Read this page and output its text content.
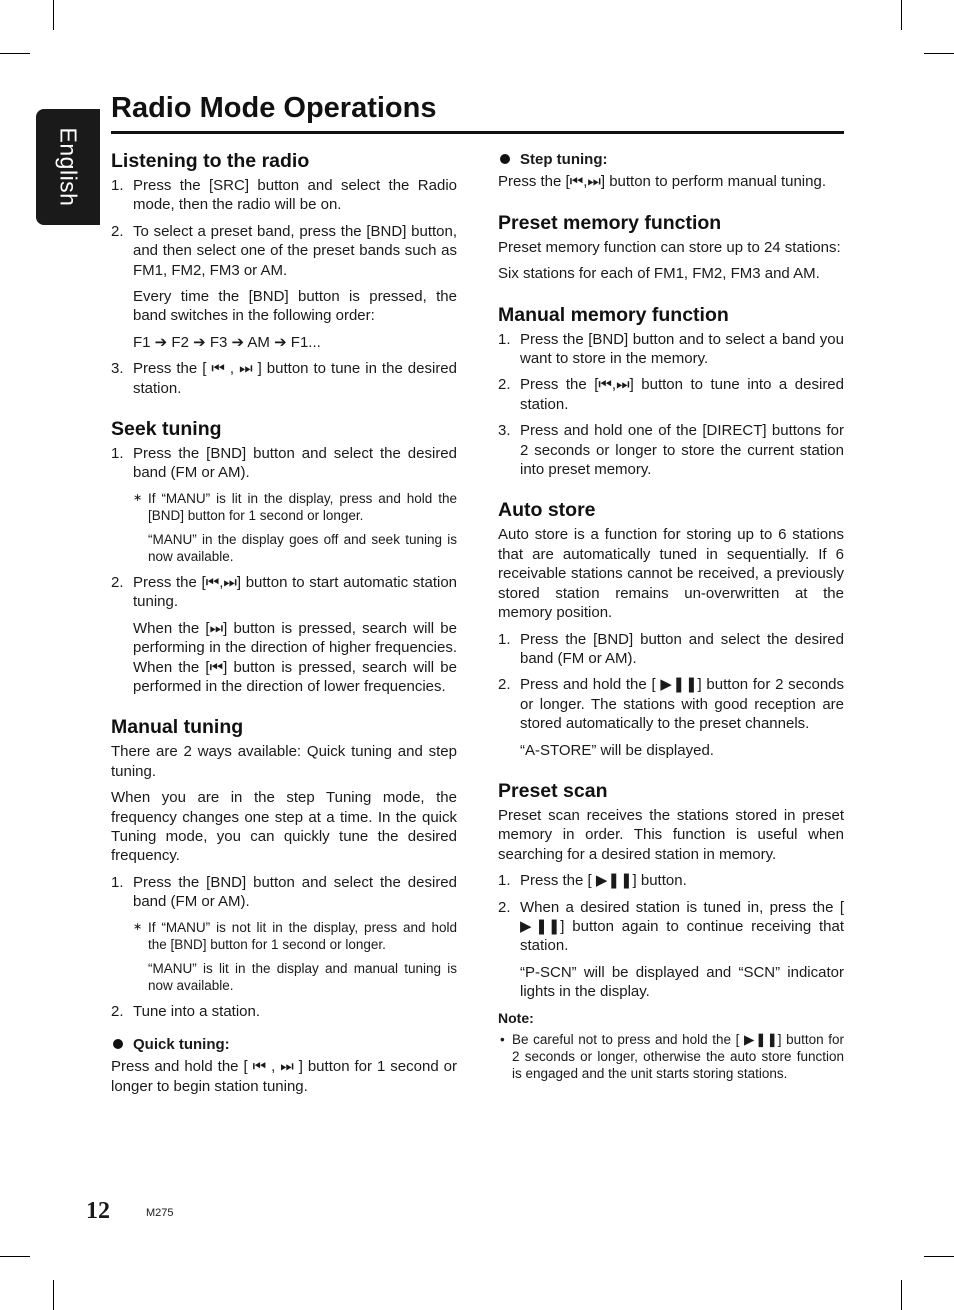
English
Radio Mode Operations
Listening to the radio
1. Press the [SRC] button and select the Radio mode, then the radio will be on.

2. To select a preset band, press the [BND] button, and then select one of the preset bands such as FM1, FM2, FM3 or AM.

Every time the [BND] button is pressed, the band switches in the following order:

F1 ➔ F2 ➔ F3 ➔ AM ➔ F1...

3. Press the [ ⏮ , ⏭ ] button to tune in the desired station.

Seek tuning
1. Press the [BND] button and select the desired band (FM or AM).

∗ If “MANU” is lit in the display, press and hold the [BND] button for 1 second or longer.

“MANU” in the display goes off and seek tuning is now available.

2. Press the [⏮,⏭] button to start automatic station tuning.

When the [⏭] button is pressed, search will be performing in the direction of higher frequencies. When the [⏮] button is pressed, search will be performed in the direction of lower frequencies.

Manual tuning

There are 2 ways available: Quick tuning and step tuning.

When you are in the step Tuning mode, the frequency changes one step at a time. In the quick Tuning mode, you can quickly tune the desired frequency.

1. Press the [BND] button and select the desired band (FM or AM).

∗ If “MANU” is not lit in the display, press and hold the [BND] button for 1 second or longer.

“MANU” is lit in the display and manual tuning is now available.

2. Tune into a station.

Quick tuning:

Press and hold the [ ⏮ , ⏭ ] button for 1 second or longer to begin station tuning.

Step tuning:

Press the [⏮,⏭] button to perform manual tuning.

Preset memory function

Preset memory function can store up to 24 stations:

Six stations for each of FM1, FM2, FM3 and AM.

Manual memory function
1. Press the [BND] button and to select a band you want to store in the memory.

2. Press the [⏮,⏭] button to tune into a desired station.

3. Press and hold one of the [DIRECT] buttons for 2 seconds or longer to store the current station into preset memory.

Auto store

Auto store is a function for storing up to 6 stations that are automatically tuned in sequentially. If 6 receivable stations cannot be received, a previously stored station remains un-overwritten at the memory position.

1. Press the [BND] button and select the desired band (FM or AM).

2. Press and hold the [ ▶❚❚] button for 2 seconds or longer. The stations with good reception are stored automatically to the preset channels.

“A-STORE” will be displayed.

Preset scan

Preset scan receives the stations stored in preset memory in order. This function is useful when searching for a desired station in memory.

1. Press the [ ▶❚❚] button.

2. When a desired station is tuned in, press the [ ▶❚❚] button again to continue receiving that station.

“P-SCN” will be displayed and “SCN” indicator lights in the display.

Note:
• Be careful not to press and hold the [ ▶❚❚] button for 2 seconds or longer, otherwise the auto store function is engaged and the unit starts storing stations.
12	M275
